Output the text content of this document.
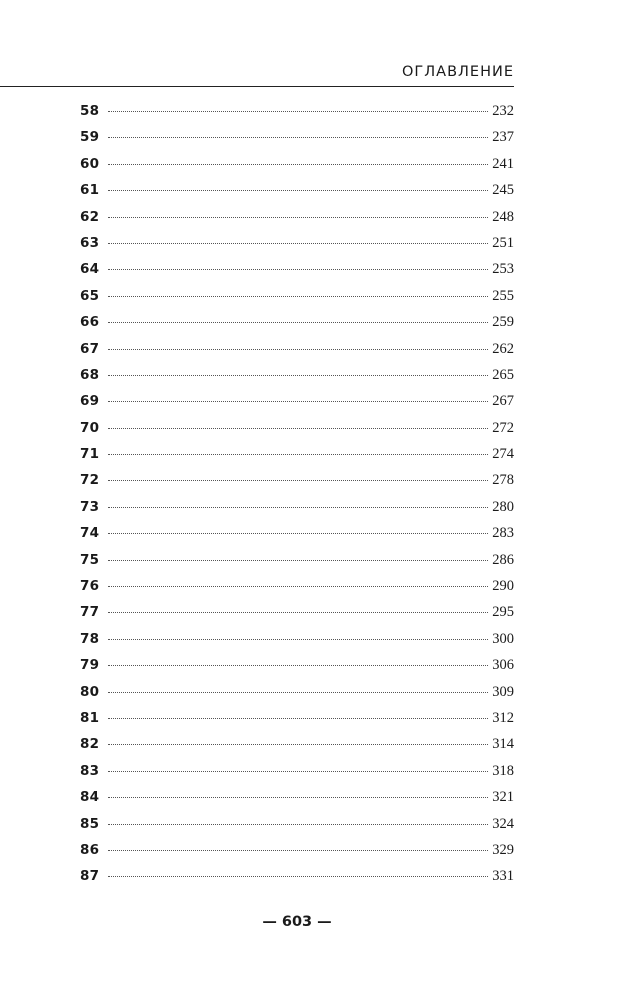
ОГЛАВЛЕНИЕ
58	232
59	237
60	241
61	245
62	248
63	251
64	253
65	255
66	259
67	262
68	265
69	267
70	272
71	274
72	278
73	280
74	283
75	286
76	290
77	295
78	300
79	306
80	309
81	312
82	314
83	318
84	321
85	324
86	329
87	331
— 603 —
